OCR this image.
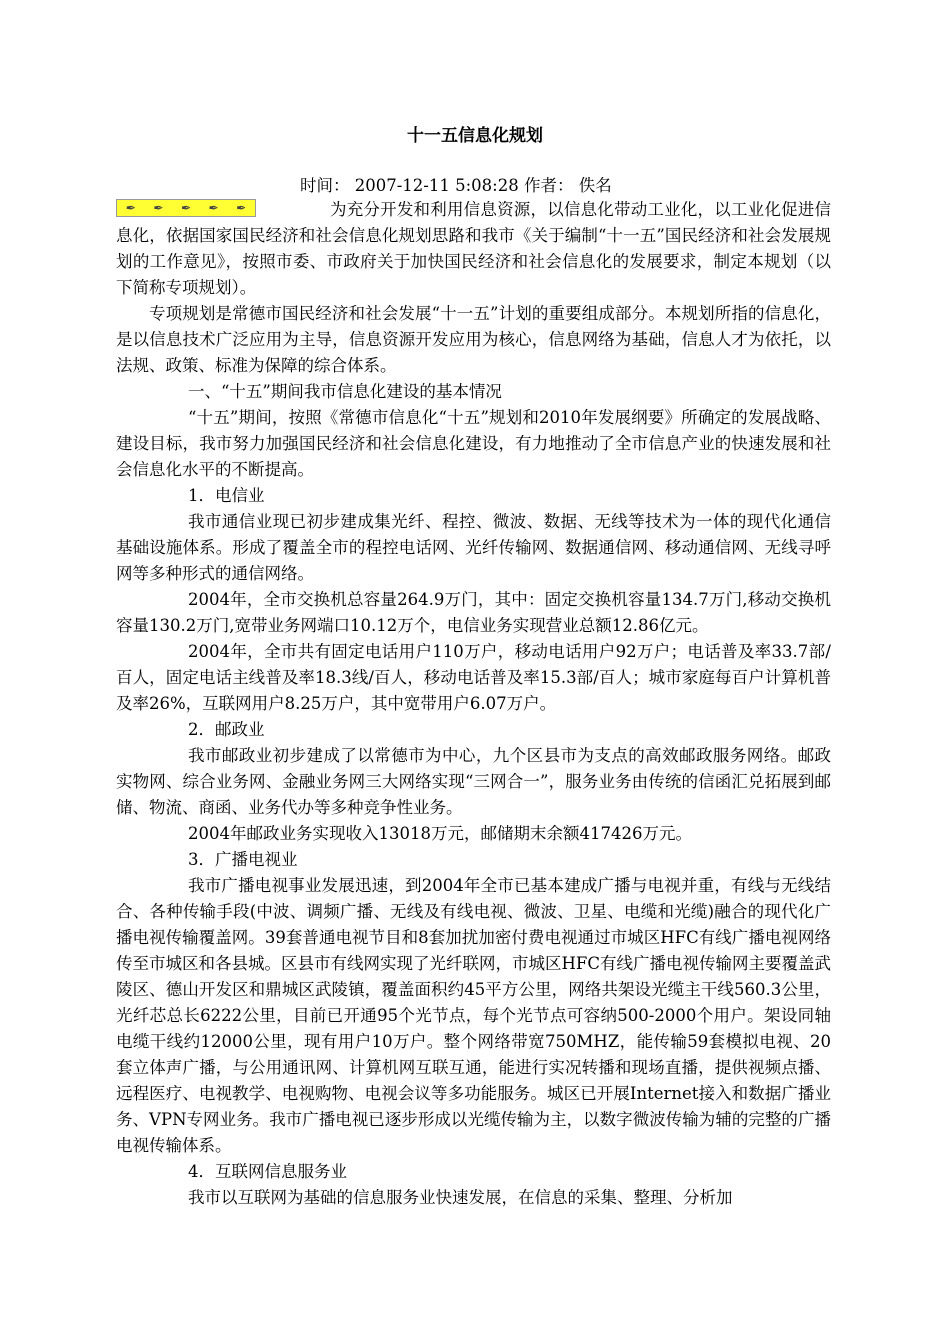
十一五信息化规划
时间： 2007-12-11 5:08:28 作者： 佚名
✒	✒	✒	✒	✒	为充分开发和利用信息资源，以信息化带动工业化，以工业化促进信息化，依据国家国民经济和社会信息化规划思路和我市《关于编制“十一五”国民经济和社会发展规划的工作意见》，按照市委、市政府关于加快国民经济和社会信息化的发展要求，制定本规划（以下简称专项规划）。

专项规划是常德市国民经济和社会发展“十一五”计划的重要组成部分。本规划所指的信息化，是以信息技术广泛应用为主导，信息资源开发应用为核心，信息网络为基础，信息人才为依托，以法规、政策、标准为保障的综合体系。

一、“十五”期间我市信息化建设的基本情况

“十五”期间，按照《常德市信息化“十五”规划和2010年发展纲要》所确定的发展战略、建设目标，我市努力加强国民经济和社会信息化建设，有力地推动了全市信息产业的快速发展和社会信息化水平的不断提高。

1．电信业

我市通信业现已初步建成集光纤、程控、微波、数据、无线等技术为一体的现代化通信基础设施体系。形成了覆盖全市的程控电话网、光纤传输网、数据通信网、移动通信网、无线寻呼网等多种形式的通信网络。

2004年，全市交换机总容量264.9万门，其中：固定交换机容量134.7万门,移动交换机容量130.2万门,宽带业务网端口10.12万个，电信业务实现营业总额12.86亿元。

2004年，全市共有固定电话用户110万户，移动电话用户92万户；电话普及率33.7部/百人，固定电话主线普及率18.3线/百人，移动电话普及率15.3部/百人；城市家庭每百户计算机普及率26%，互联网用户8.25万户，其中宽带用户6.07万户。

2．邮政业

我市邮政业初步建成了以常德市为中心，九个区县市为支点的高效邮政服务网络。邮政实物网、综合业务网、金融业务网三大网络实现“三网合一”，服务业务由传统的信函汇兑拓展到邮储、物流、商函、业务代办等多种竞争性业务。

2004年邮政业务实现收入13018万元，邮储期末余额417426万元。

3．广播电视业

我市广播电视事业发展迅速，到2004年全市已基本建成广播与电视并重，有线与无线结合、各种传输手段(中波、调频广播、无线及有线电视、微波、卫星、电缆和光缆)融合的现代化广播电视传输覆盖网。39套普通电视节目和8套加扰加密付费电视通过市城区HFC有线广播电视网络传至市城区和各县城。区县市有线网实现了光纤联网，市城区HFC有线广播电视传输网主要覆盖武陵区、德山开发区和鼎城区武陵镇，覆盖面积约45平方公里，网络共架设光缆主干线560.3公里，光纤芯总长6222公里，目前已开通95个光节点，每个光节点可容纳500-2000个用户。架设同轴电缆干线约12000公里，现有用户10万户。整个网络带宽750MHZ，能传输59套模拟电视、20套立体声广播，与公用通讯网、计算机网互联互通，能进行实况转播和现场直播，提供视频点播、远程医疗、电视教学、电视购物、电视会议等多功能服务。城区已开展Internet接入和数据广播业务、VPN专网业务。我市广播电视已逐步形成以光缆传输为主，以数字微波传输为辅的完整的广播电视传输体系。

4．互联网信息服务业

我市以互联网为基础的信息服务业快速发展，在信息的采集、整理、分析加
